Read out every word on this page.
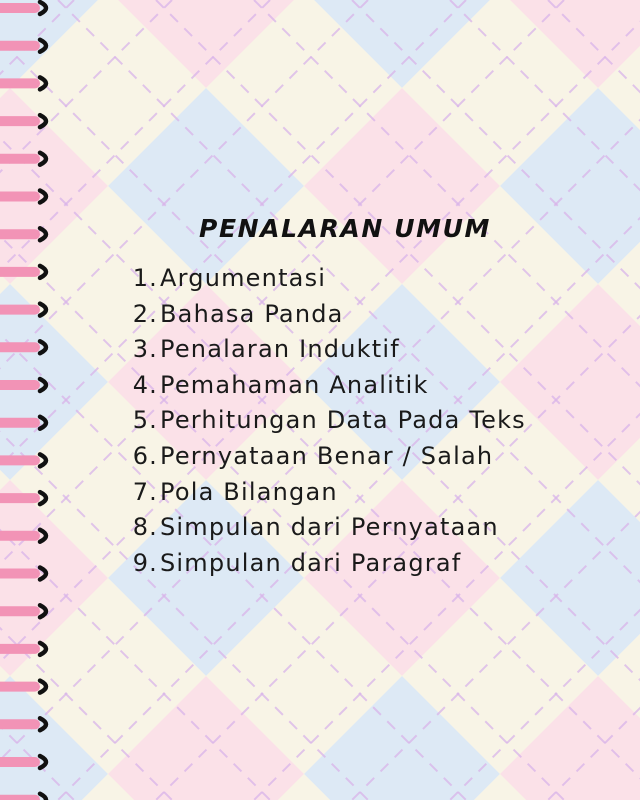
PENALARAN UMUM
1. Argumentasi
2. Bahasa Panda
3. Penalaran Induktif
4. Pemahaman Analitik
5. Perhitungan Data Pada Teks
6. Pernyataan Benar / Salah
7. Pola Bilangan
8. Simpulan dari Pernyataan
9. Simpulan dari Paragraf
